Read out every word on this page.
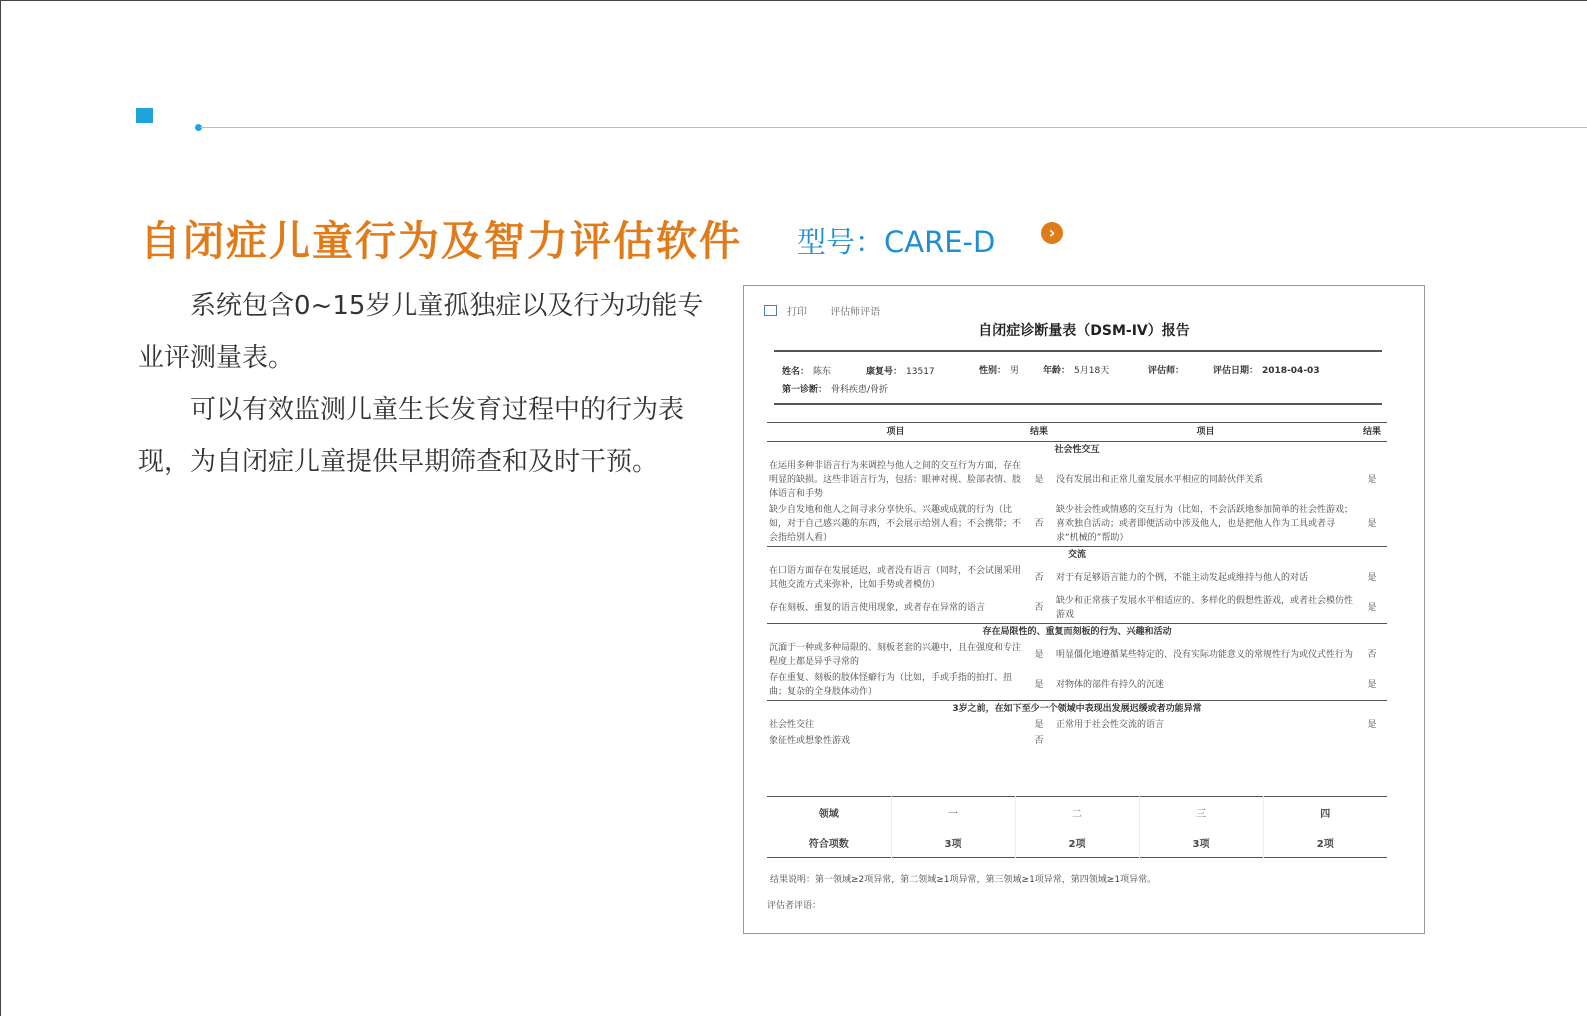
自闭症儿童行为及智力评估软件 型号：CARE-D	›

系统包含0~15岁儿童孤独症以及行为功能专业评测量表。

可以有效监测儿童生长发育过程中的行为表现，为自闭症儿童提供早期筛查和及时干预。

打印 评估师评语
自闭症诊断量表（DSM-IV）报告
姓名： 陈东	康复号： 13517	性别： 男	年龄： 5月18天	评估师：	评估日期： 2018-04-03
第一诊断： 骨科疾患/骨折
项目	结果	项目	结果
社会性交互			
在运用多种非语言行为来调控与他人之间的交互行为方面，存在明显的缺损。这些非语言行为，包括：眼神对视、脸部表情、肢体语言和手势	是	没有发展出和正常儿童发展水平相应的同龄伙伴关系	是
缺少自发地和他人之间寻求分享快乐、兴趣或成就的行为（比如，对于自己感兴趣的东西，不会展示给别人看；不会携带；不会指给别人看）	否	缺少社会性或情感的交互行为（比如，不会活跃地参加简单的社会性游戏；喜欢独自活动；或者即便活动中涉及他人，也是把他人作为工具或者寻求“机械的”帮助）	是
交流			
在口语方面存在发展延迟，或者没有语言（同时，不会试图采用其他交流方式来弥补，比如手势或者模仿）	否	对于有足够语言能力的个例，不能主动发起或维持与他人的对话	是
存在刻板、重复的语言使用现象，或者存在异常的语言	否	缺少和正常孩子发展水平相适应的、多样化的假想性游戏，或者社会模仿性游戏	是
存在局限性的、重复而刻板的行为、兴趣和活动			
沉湎于一种或多种局限的、刻板老套的兴趣中，且在强度和专注程度上都是异乎寻常的	是	明显僵化地遵循某些特定的、没有实际功能意义的常规性行为或仪式性行为	否
存在重复、刻板的肢体怪癖行为（比如，手或手指的拍打、扭曲；复杂的全身肢体动作）	是	对物体的部件有持久的沉迷	是
3岁之前，在如下至少一个领域中表现出发展迟缓或者功能异常			
社会性交往	是	正常用于社会性交流的语言	是
象征性或想象性游戏	否		
领域	一	二	三	四
符合项数	3项	2项	3项	2项
结果说明：第一领域≥2项异常，第二领域≥1项异常，第三领域≥1项异常，第四领域≥1项异常。
评估者评语：
